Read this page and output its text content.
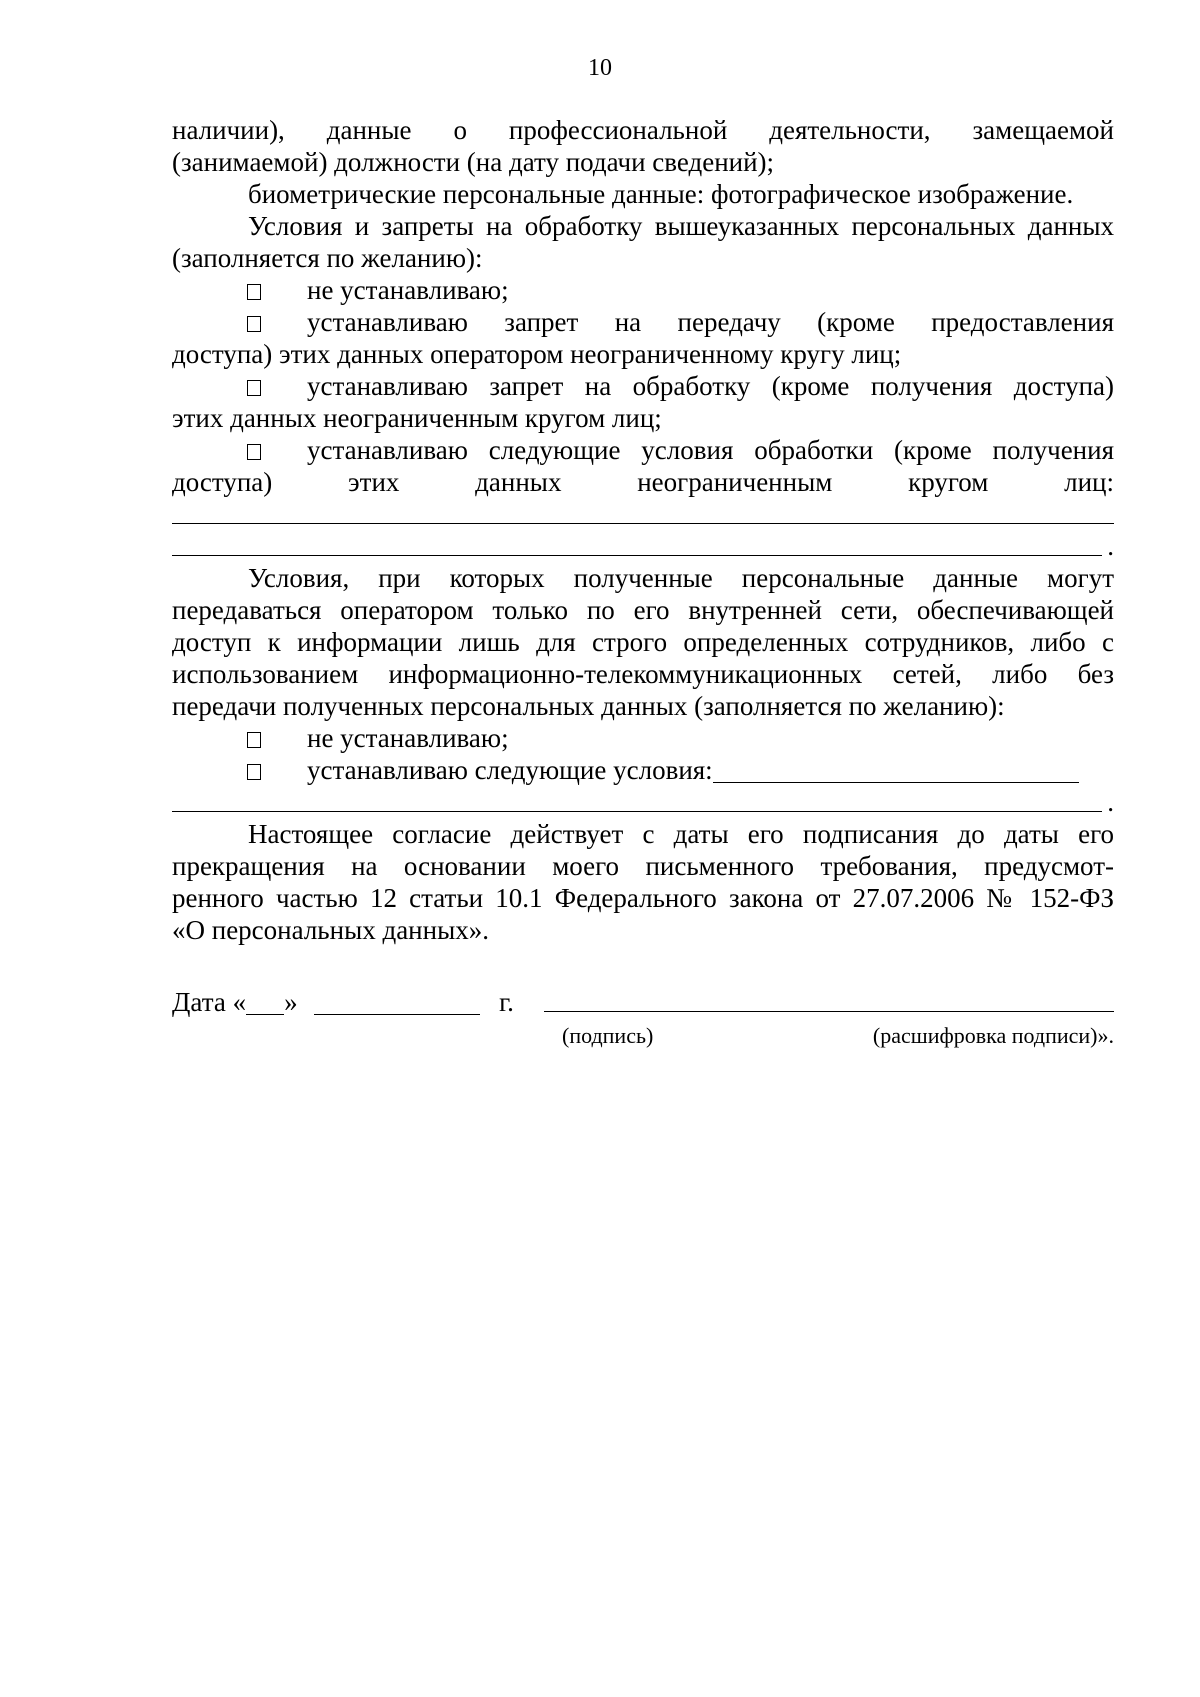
10

наличии), данные о профессиональной деятельности, замещаемой

(занимаемой) должности (на дату подачи сведений);

биометрические персональные данные: фотографическое изображение.

Условия и запреты на обработку вышеуказанных персональных данных

(заполняется по желанию):

не устанавливаю;
устанавливаю запрет на передачу (кроме предоставления

доступа) этих данных оператором неограниченному кругу лиц;

устанавливаю запрет на обработку (кроме получения доступа)

этих данных неограниченным кругом лиц;

устанавливаю следующие условия обработки (кроме получения

доступа) этих данных неограниченным кругом лиц:

.

Условия, при которых полученные персональные данные могут

передаваться оператором только по его внутренней сети, обеспечивающей

доступ к информации лишь для строго определенных сотрудников, либо с

использованием информационно-телекоммуникационных сетей, либо без

передачи полученных персональных данных (заполняется по желанию):

не устанавливаю;
устанавливаю следующие условия:
.

Настоящее согласие действует с даты его подписания до даты его

прекращения на основании моего письменного требования, предусмот-

ренного частью 12 статьи 10.1 Федерального закона от 27.07.2006 № 152-ФЗ

«О персональных данных».

Дата « »	г.
(подпись)	(расшифровка подписи)».
